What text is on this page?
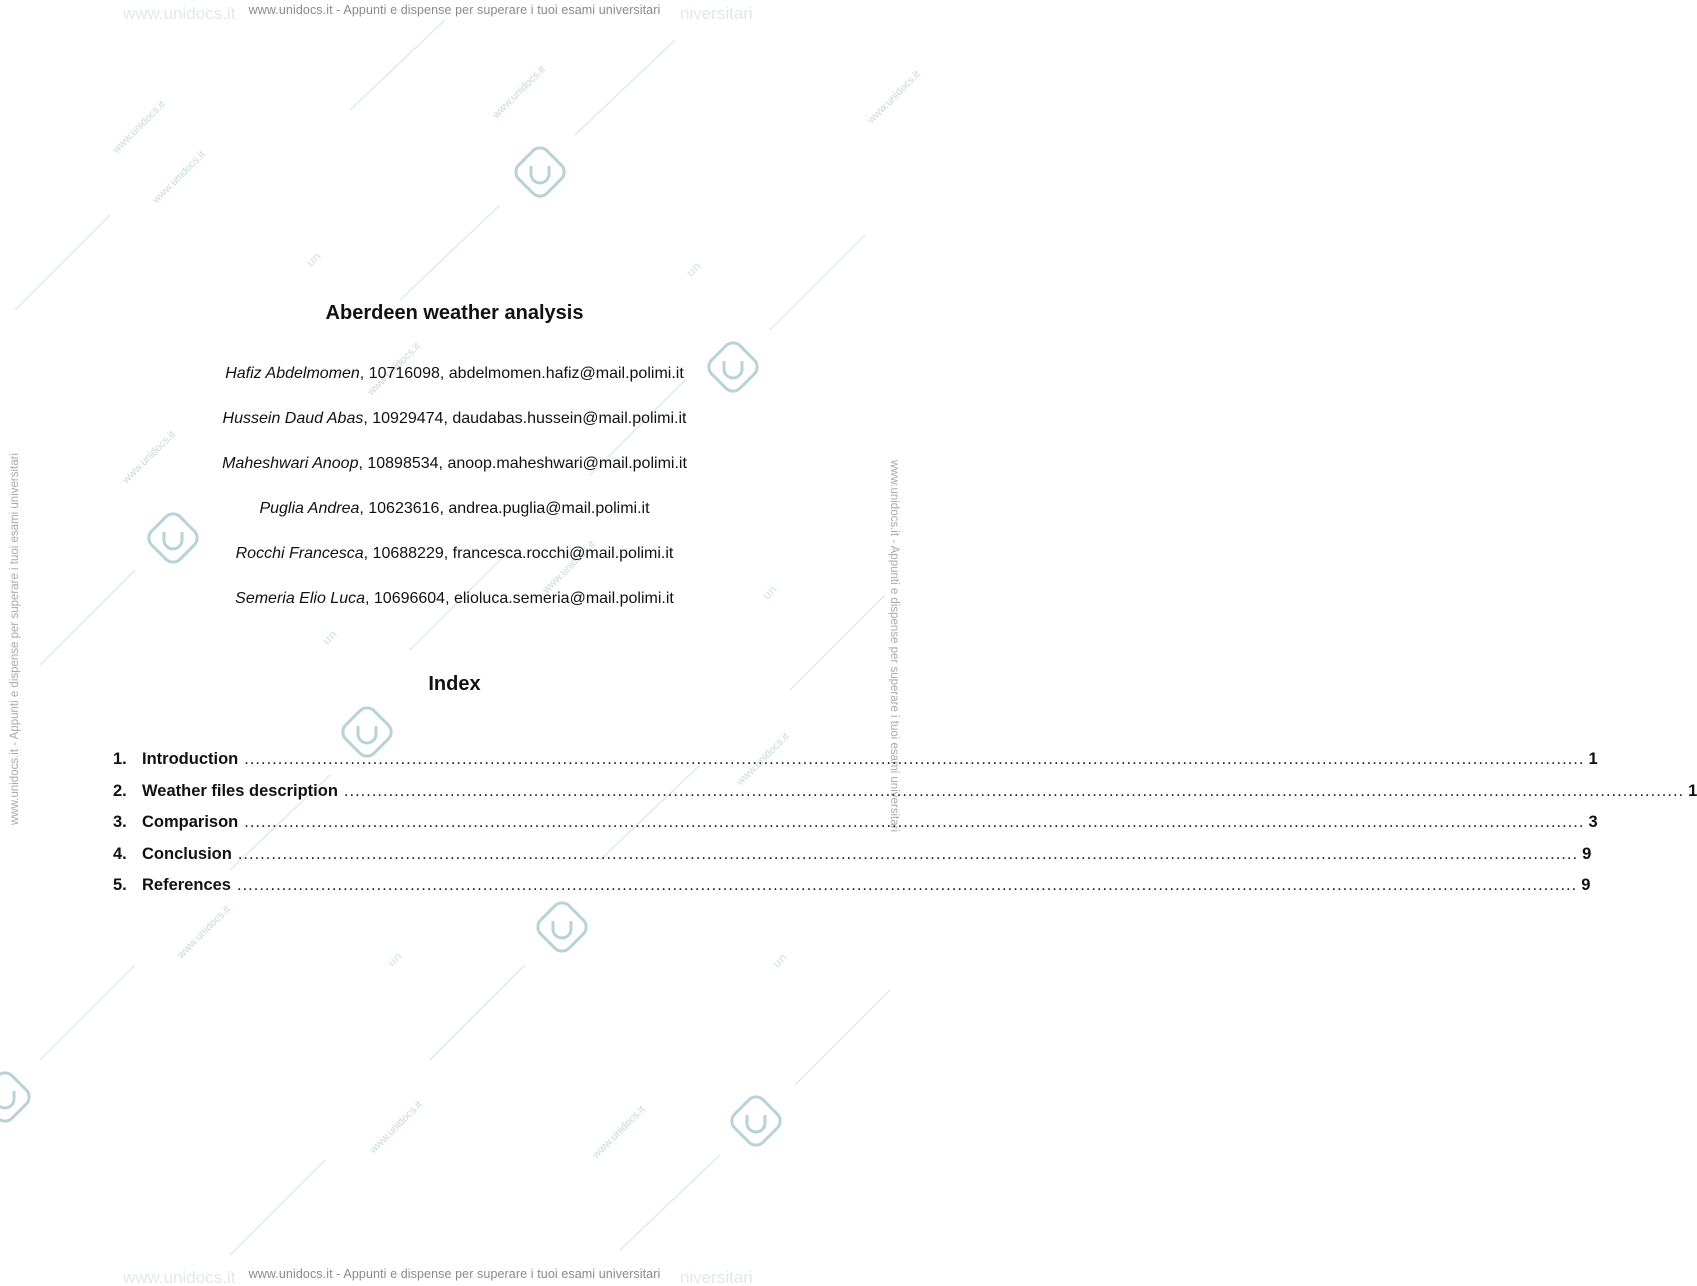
un	un
un
un
un	un
www.unidocs.it
www.unidocs.it
www.unidocs.it
www.unidocs.it
www.unidocs.it
www.unidocs.it
www.unidocs.it
www.unidocs.it	www.unidocs.it
www.unidocs.it	www.unidocs.it
www.unidocs.it	niversitari
www.unidocs.it	niversitari
www.unidocs.it - Appunti e dispense per superare i tuoi esami universitari
www.unidocs.it - Appunti e dispense per superare i tuoi esami universitari
www.unidocs.it - Appunti e dispense per superare i tuoi esami universitari	www.unidocs.it - Appunti e dispense per superare i tuoi esami universitari
Aberdeen weather analysis
Hafiz Abdelmomen, 10716098, abdelmomen.hafiz@mail.polimi.it
Hussein Daud Abas, 10929474, daudabas.hussein@mail.polimi.it
Maheshwari Anoop, 10898534, anoop.maheshwari@mail.polimi.it
Puglia Andrea, 10623616, andrea.puglia@mail.polimi.it
Rocchi Francesca, 10688229, francesca.rocchi@mail.polimi.it
Semeria Elio Luca, 10696604, elioluca.semeria@mail.polimi.it
Index
1. Introduction .....	1
2. Weather files description .....	1
3. Comparison .....	3
4. Conclusion .....	9
5. References .....	9
